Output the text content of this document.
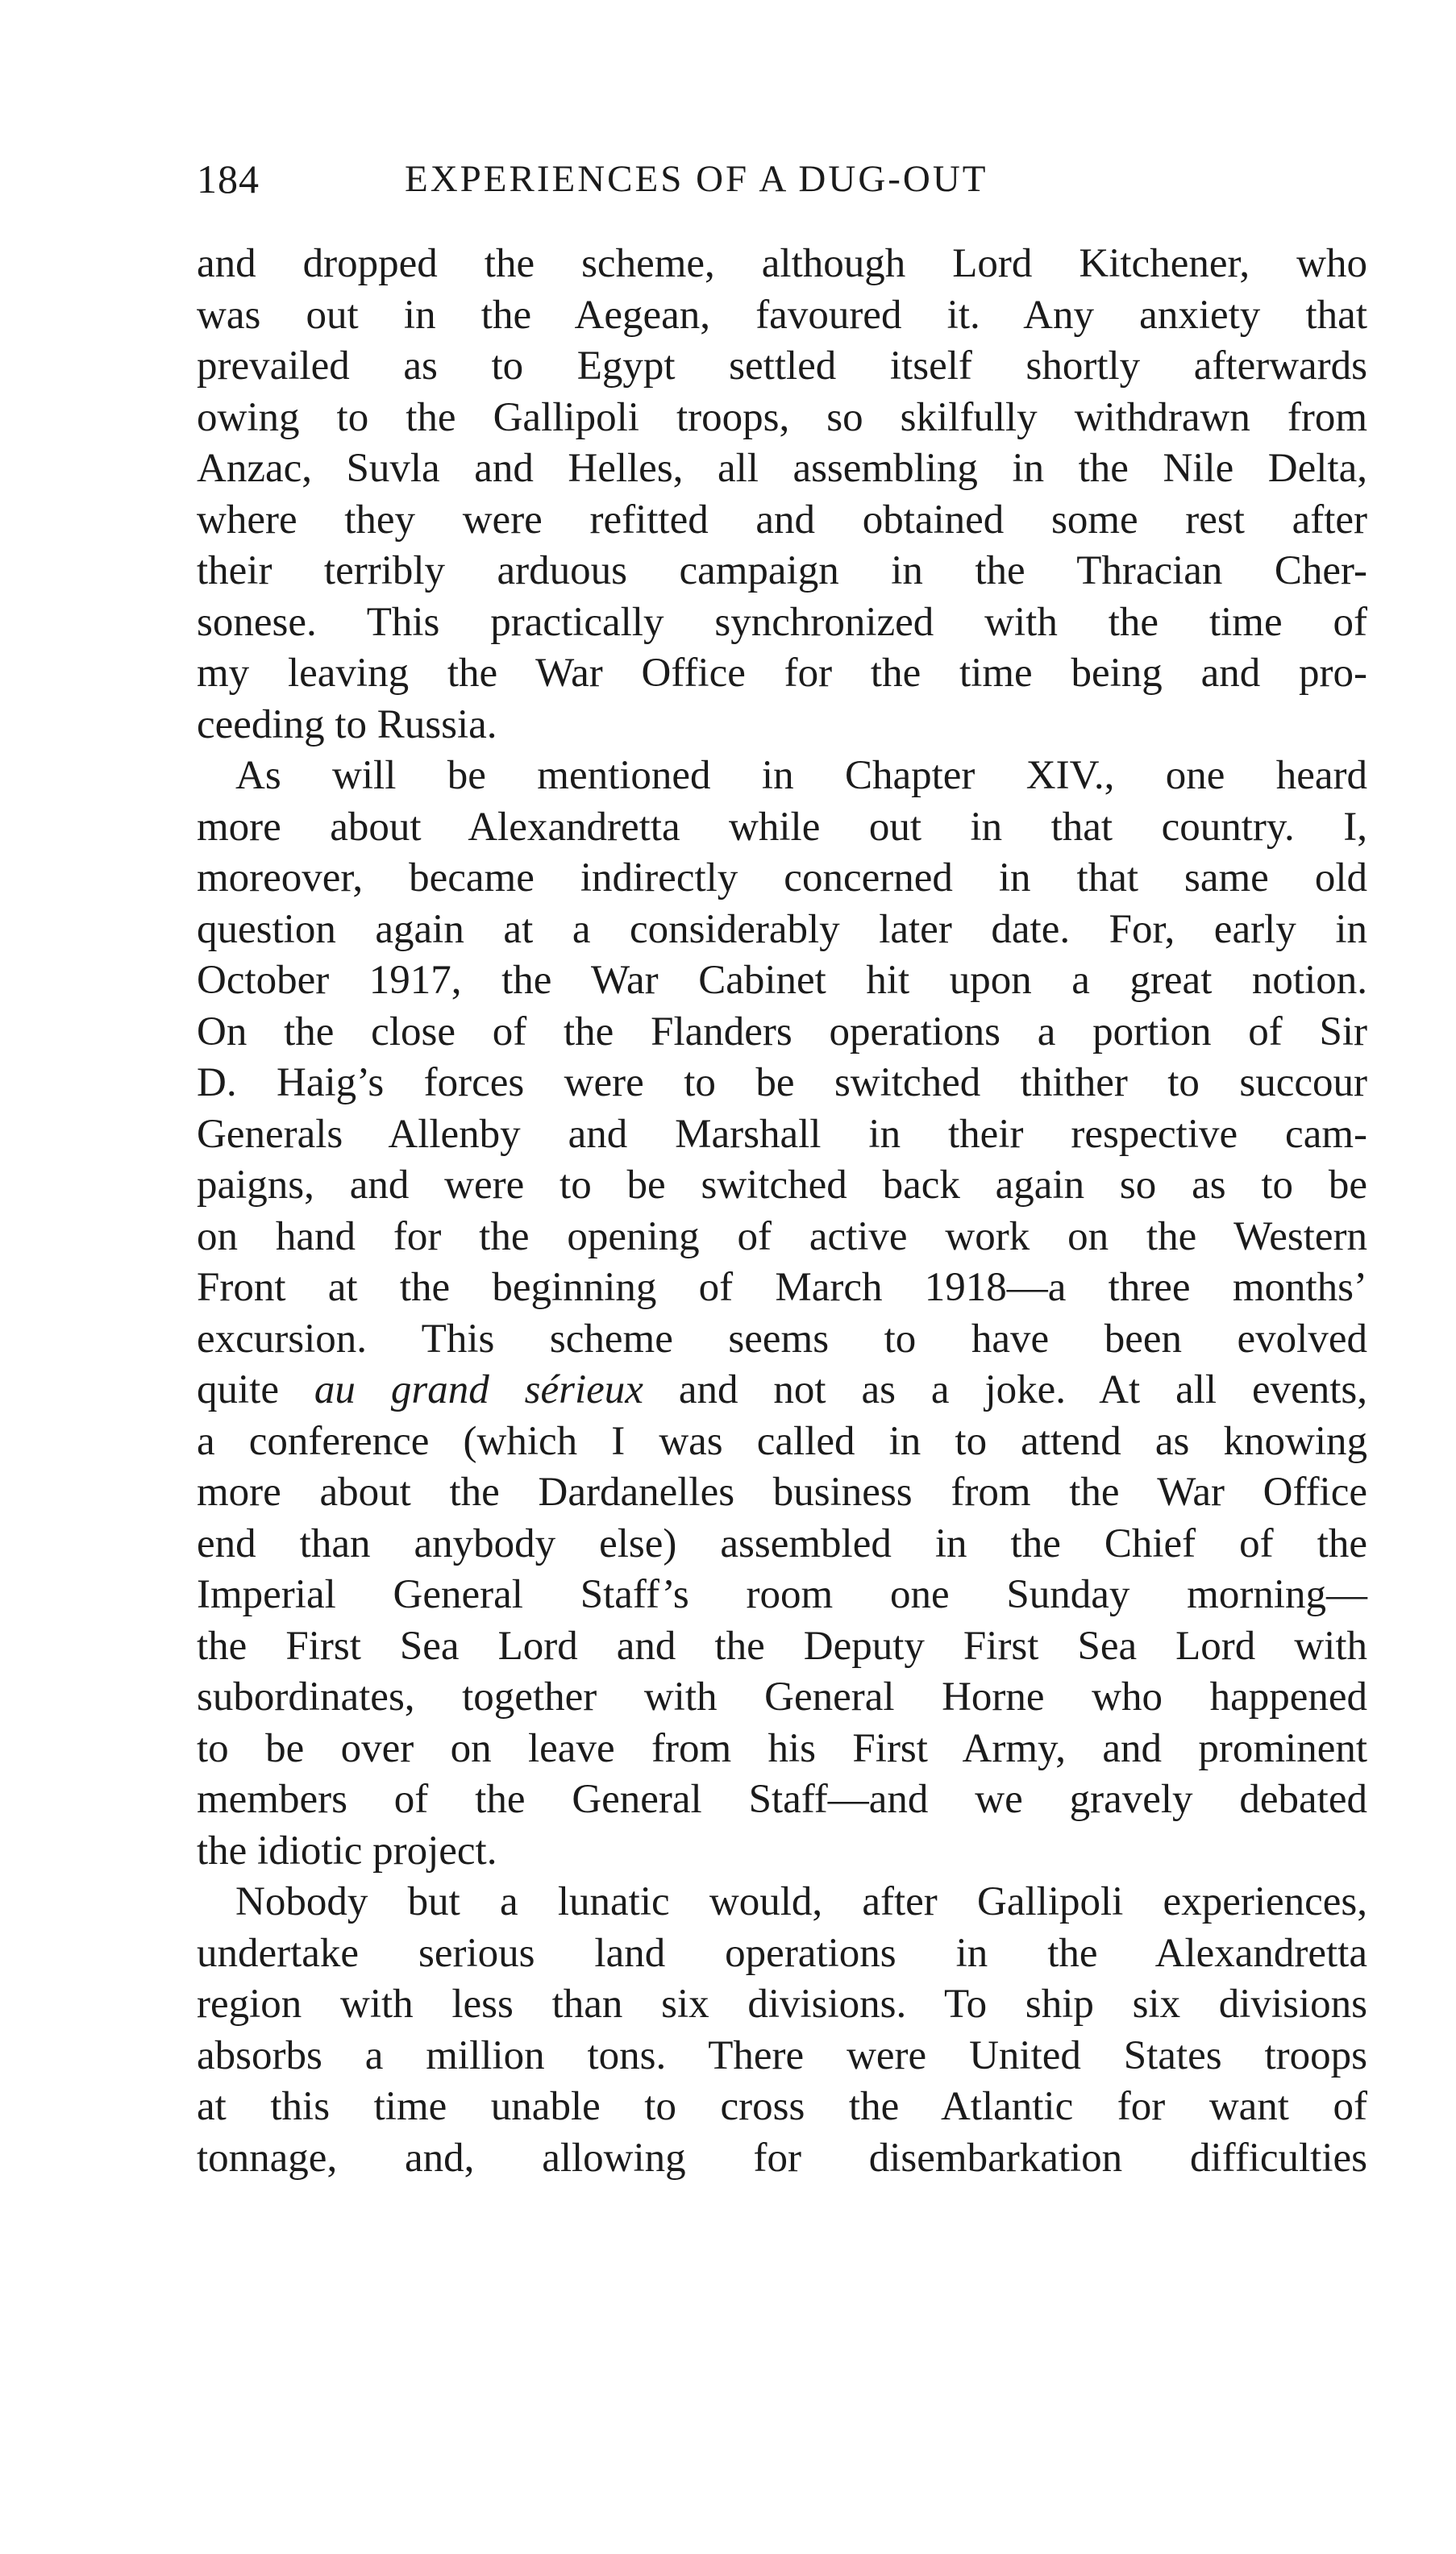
184	EXPERIENCES OF A DUG-OUT
and dropped the scheme, although Lord Kitchener, who
was out in the Aegean, favoured it. Any anxiety that
prevailed as to Egypt settled itself shortly afterwards
owing to the Gallipoli troops, so skilfully withdrawn from
Anzac, Suvla and Helles, all assembling in the Nile Delta,
where they were refitted and obtained some rest after
their terribly arduous campaign in the Thracian Cher-
sonese. This practically synchronized with the time of
my leaving the War Office for the time being and pro-
ceeding to Russia.
As will be mentioned in Chapter XIV., one heard
more about Alexandretta while out in that country. I,
moreover, became indirectly concerned in that same old
question again at a considerably later date. For, early in
October 1917, the War Cabinet hit upon a great notion.
On the close of the Flanders operations a portion of Sir
D. Haig’s forces were to be switched thither to succour
Generals Allenby and Marshall in their respective cam-
paigns, and were to be switched back again so as to be
on hand for the opening of active work on the Western
Front at the beginning of March 1918—a three months’
excursion. This scheme seems to have been evolved
quite au grand sérieux and not as a joke. At all events,
a conference (which I was called in to attend as knowing
more about the Dardanelles business from the War Office
end than anybody else) assembled in the Chief of the
Imperial General Staff’s room one Sunday morning—
the First Sea Lord and the Deputy First Sea Lord with
subordinates, together with General Horne who happened
to be over on leave from his First Army, and prominent
members of the General Staff—and we gravely debated
the idiotic project.
Nobody but a lunatic would, after Gallipoli experiences,
undertake serious land operations in the Alexandretta
region with less than six divisions. To ship six divisions
absorbs a million tons. There were United States troops
at this time unable to cross the Atlantic for want of
tonnage, and, allowing for disembarkation difficulties
